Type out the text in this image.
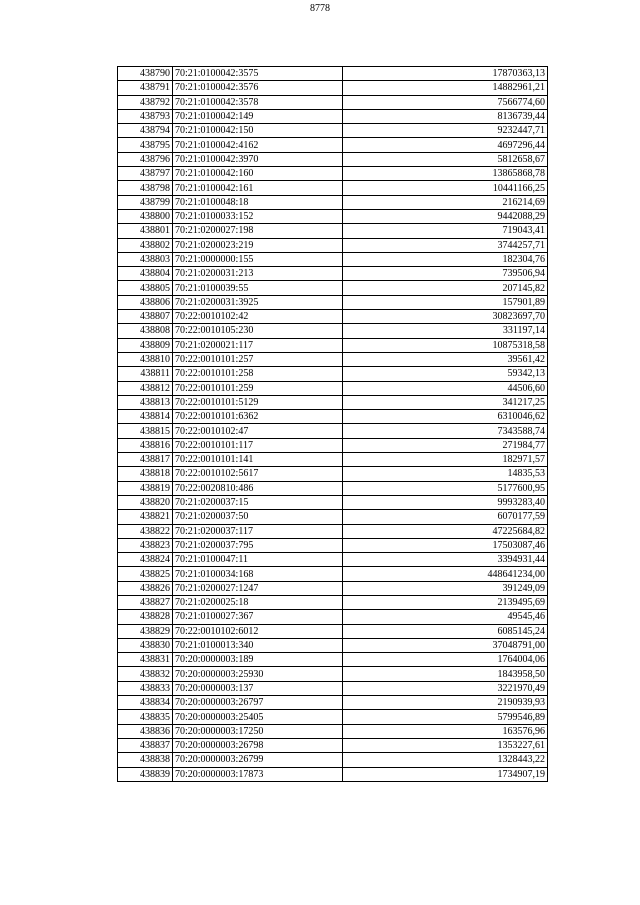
8778
438790	70:21:0100042:3575	17870363,13
438791	70:21:0100042:3576	14882961,21
438792	70:21:0100042:3578	7566774,60
438793	70:21:0100042:149	8136739,44
438794	70:21:0100042:150	9232447,71
438795	70:21:0100042:4162	4697296,44
438796	70:21:0100042:3970	5812658,67
438797	70:21:0100042:160	13865868,78
438798	70:21:0100042:161	10441166,25
438799	70:21:0100048:18	216214,69
438800	70:21:0100033:152	9442088,29
438801	70:21:0200027:198	719043,41
438802	70:21:0200023:219	3744257,71
438803	70:21:0000000:155	182304,76
438804	70:21:0200031:213	739506,94
438805	70:21:0100039:55	207145,82
438806	70:21:0200031:3925	157901,89
438807	70:22:0010102:42	30823697,70
438808	70:22:0010105:230	331197,14
438809	70:21:0200021:117	10875318,58
438810	70:22:0010101:257	39561,42
438811	70:22:0010101:258	59342,13
438812	70:22:0010101:259	44506,60
438813	70:22:0010101:5129	341217,25
438814	70:22:0010101:6362	6310046,62
438815	70:22:0010102:47	7343588,74
438816	70:22:0010101:117	271984,77
438817	70:22:0010101:141	182971,57
438818	70:22:0010102:5617	14835,53
438819	70:22:0020810:486	5177600,95
438820	70:21:0200037:15	9993283,40
438821	70:21:0200037:50	6070177,59
438822	70:21:0200037:117	47225684,82
438823	70:21:0200037:795	17503087,46
438824	70:21:0100047:11	3394931,44
438825	70:21:0100034:168	448641234,00
438826	70:21:0200027:1247	391249,09
438827	70:21:0200025:18	2139495,69
438828	70:21:0100027:367	49545,46
438829	70:22:0010102:6012	6085145,24
438830	70:21:0100013:340	37048791,00
438831	70:20:0000003:189	1764004,06
438832	70:20:0000003:25930	1843958,50
438833	70:20:0000003:137	3221970,49
438834	70:20:0000003:26797	2190939,93
438835	70:20:0000003:25405	5799546,89
438836	70:20:0000003:17250	163576,96
438837	70:20:0000003:26798	1353227,61
438838	70:20:0000003:26799	1328443,22
438839	70:20:0000003:17873	1734907,19
